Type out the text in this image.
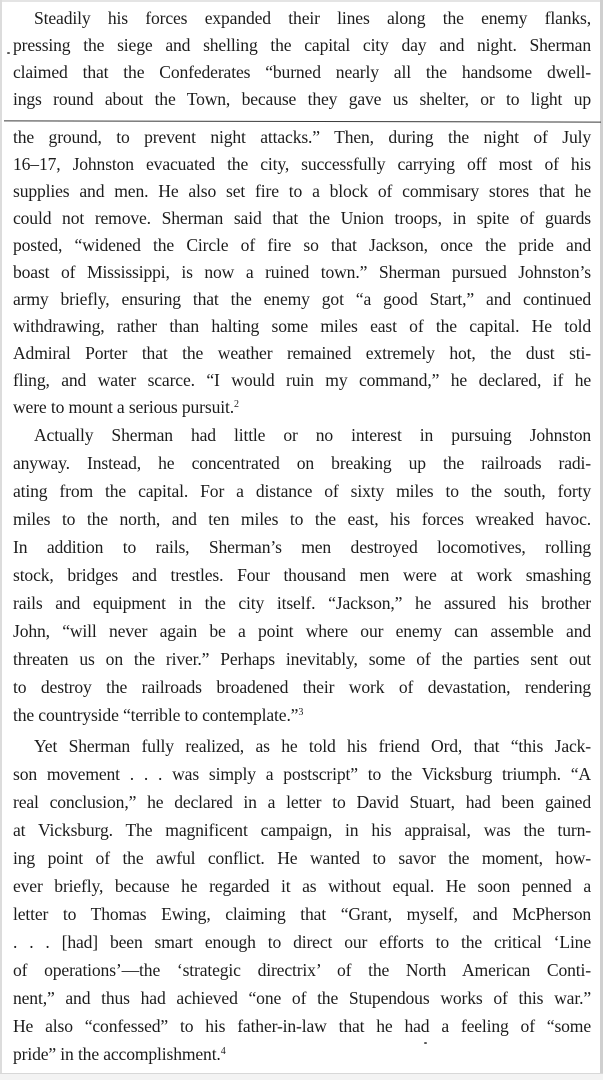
Steadily his forces expanded their lines along the enemy flanks,
pressing the siege and shelling the capital city day and night. Sherman
claimed that the Confederates “burned nearly all the handsome dwell-
ings round about the Town, because they gave us shelter, or to light up
the ground, to prevent night attacks.” Then, during the night of July
16–17, Johnston evacuated the city, successfully carrying off most of his
supplies and men. He also set fire to a block of commisary stores that he
could not remove. Sherman said that the Union troops, in spite of guards
posted, “widened the Circle of fire so that Jackson, once the pride and
boast of Mississippi, is now a ruined town.” Sherman pursued Johnston’s
army briefly, ensuring that the enemy got “a good Start,” and continued
withdrawing, rather than halting some miles east of the capital. He told
Admiral Porter that the weather remained extremely hot, the dust sti-
fling, and water scarce. “I would ruin my command,” he declared, if he
were to mount a serious pursuit.$^2$
Actually Sherman had little or no interest in pursuing Johnston
anyway. Instead, he concentrated on breaking up the railroads radi-
ating from the capital. For a distance of sixty miles to the south, forty
miles to the north, and ten miles to the east, his forces wreaked havoc.
In addition to rails, Sherman’s men destroyed locomotives, rolling
stock, bridges and trestles. Four thousand men were at work smashing
rails and equipment in the city itself. “Jackson,” he assured his brother
John, “will never again be a point where our enemy can assemble and
threaten us on the river.” Perhaps inevitably, some of the parties sent out
to destroy the railroads broadened their work of devastation, rendering
the countryside “terrible to contemplate.”$^3$
Yet Sherman fully realized, as he told his friend Ord, that “this Jack-
son movement . . . was simply a postscript” to the Vicksburg triumph. “A
real conclusion,” he declared in a letter to David Stuart, had been gained
at Vicksburg. The magnificent campaign, in his appraisal, was the turn-
ing point of the awful conflict. He wanted to savor the moment, how-
ever briefly, because he regarded it as without equal. He soon penned a
letter to Thomas Ewing, claiming that “Grant, myself, and McPherson
. . . [had] been smart enough to direct our efforts to the critical ‘Line
of operations’—the ‘strategic directrix’ of the North American Conti-
nent,” and thus had achieved “one of the Stupendous works of this war.”
He also “confessed” to his father-in-law that he had a feeling of “some
pride” in the accomplishment.$^4$
